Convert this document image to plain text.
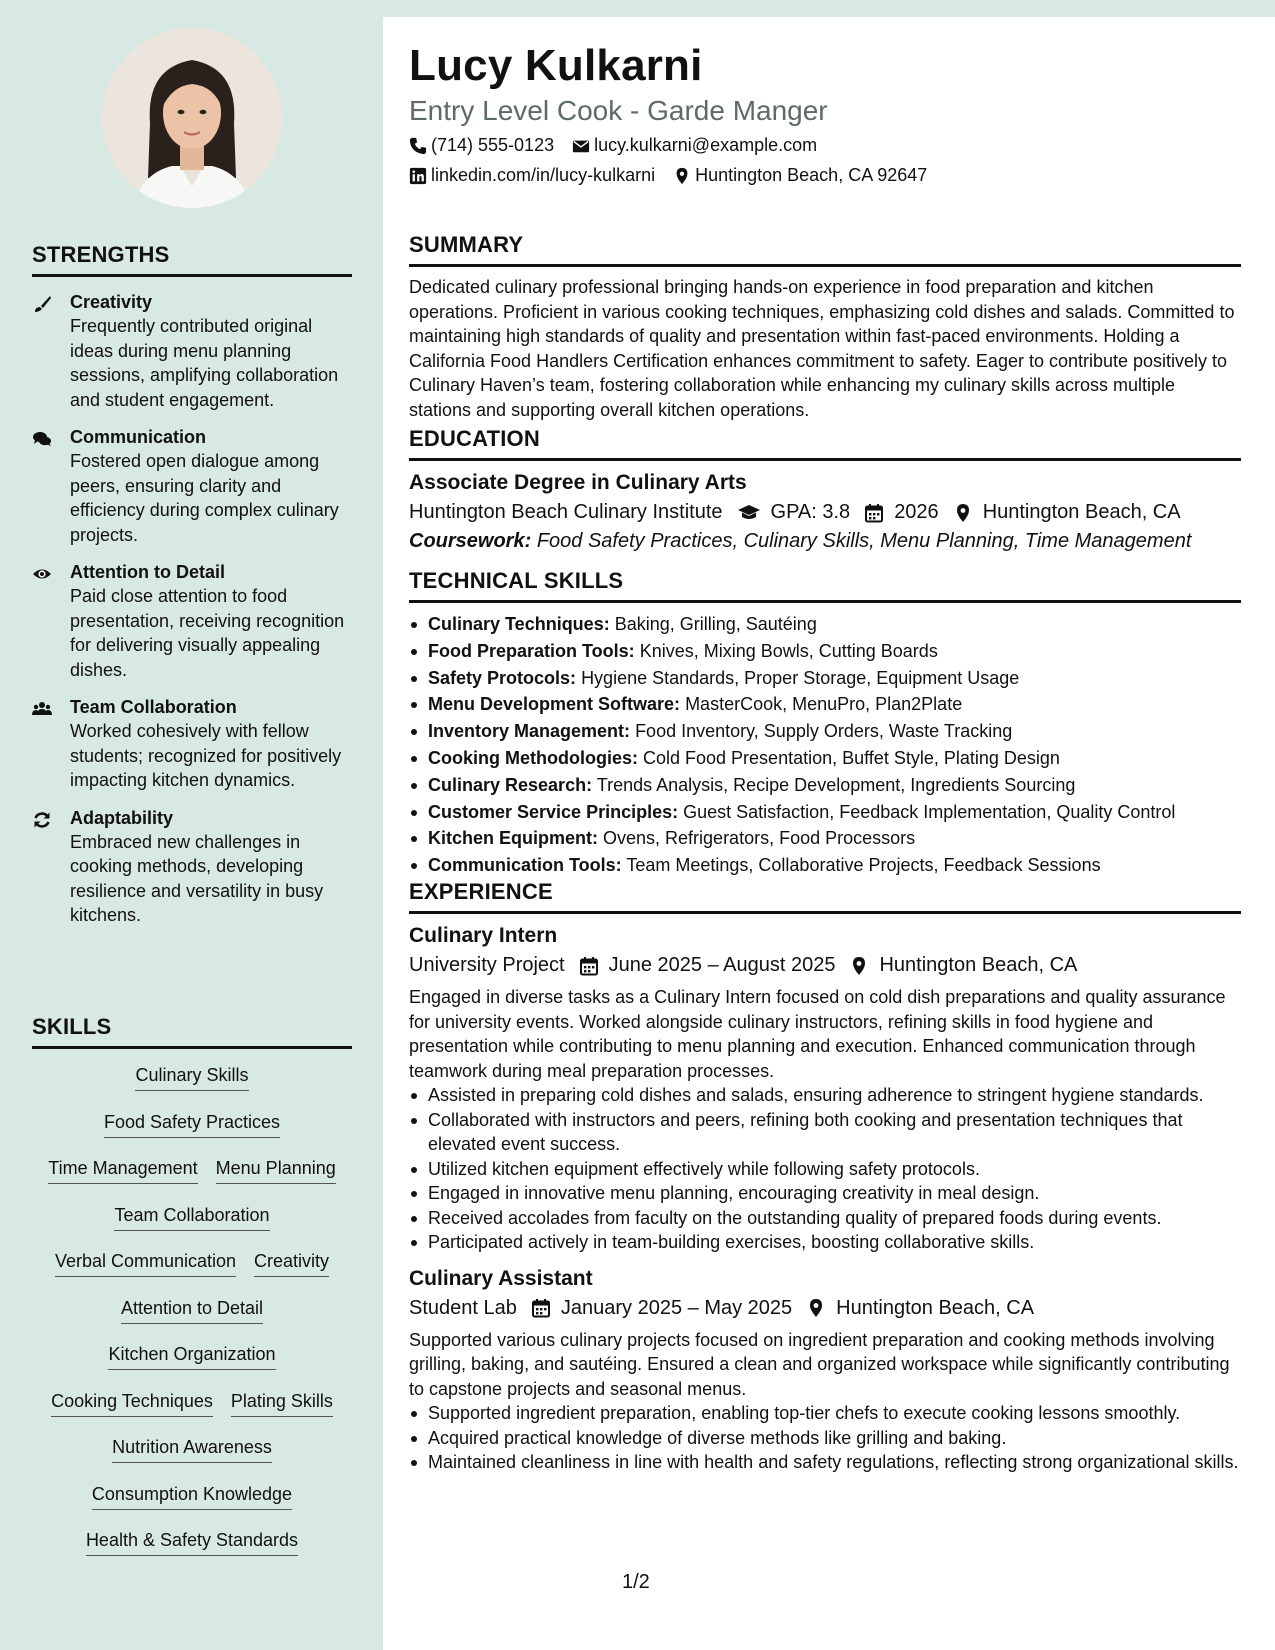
STRENGTHS
Creativity
Frequently contributed original ideas during menu planning sessions, amplifying collaboration and student engagement.
Communication
Fostered open dialogue among peers, ensuring clarity and efficiency during complex culinary projects.
Attention to Detail
Paid close attention to food presentation, receiving recognition for delivering visually appealing dishes.
Team Collaboration
Worked cohesively with fellow students; recognized for positively impacting kitchen dynamics.
Adaptability
Embraced new challenges in cooking methods, developing resilience and versatility in busy kitchens.
SKILLS
Culinary Skills
Food Safety Practices
Time Management Menu Planning
Team Collaboration
Verbal Communication Creativity
Attention to Detail
Kitchen Organization
Cooking Techniques Plating Skills
Nutrition Awareness
Consumption Knowledge
Health & Safety Standards
Lucy Kulkarni
Entry Level Cook - Garde Manger
(714) 555-0123 lucy.kulkarni@example.com
linkedin.com/in/lucy-kulkarni Huntington Beach, CA 92647
SUMMARY
Dedicated culinary professional bringing hands-on experience in food preparation and kitchen operations. Proficient in various cooking techniques, emphasizing cold dishes and salads. Committed to maintaining high standards of quality and presentation within fast-paced environments. Holding a California Food Handlers Certification enhances commitment to safety. Eager to contribute positively to Culinary Haven’s team, fostering collaboration while enhancing my culinary skills across multiple stations and supporting overall kitchen operations.
EDUCATION
Associate Degree in Culinary Arts
Huntington Beach Culinary Institute GPA: 3.8 2026 Huntington Beach, CA
Coursework: Food Safety Practices, Culinary Skills, Menu Planning, Time Management
TECHNICAL SKILLS
Culinary Techniques: Baking, Grilling, Sautéing
Food Preparation Tools: Knives, Mixing Bowls, Cutting Boards
Safety Protocols: Hygiene Standards, Proper Storage, Equipment Usage
Menu Development Software: MasterCook, MenuPro, Plan2Plate
Inventory Management: Food Inventory, Supply Orders, Waste Tracking
Cooking Methodologies: Cold Food Presentation, Buffet Style, Plating Design
Culinary Research: Trends Analysis, Recipe Development, Ingredients Sourcing
Customer Service Principles: Guest Satisfaction, Feedback Implementation, Quality Control
Kitchen Equipment: Ovens, Refrigerators, Food Processors
Communication Tools: Team Meetings, Collaborative Projects, Feedback Sessions
EXPERIENCE
Culinary Intern
University Project June 2025 – August 2025 Huntington Beach, CA
Engaged in diverse tasks as a Culinary Intern focused on cold dish preparations and quality assurance for university events. Worked alongside culinary instructors, refining skills in food hygiene and presentation while contributing to menu planning and execution. Enhanced communication through teamwork during meal preparation processes.
Assisted in preparing cold dishes and salads, ensuring adherence to stringent hygiene standards.
Collaborated with instructors and peers, refining both cooking and presentation techniques that elevated event success.
Utilized kitchen equipment effectively while following safety protocols.
Engaged in innovative menu planning, encouraging creativity in meal design.
Received accolades from faculty on the outstanding quality of prepared foods during events.
Participated actively in team-building exercises, boosting collaborative skills.
Culinary Assistant
Student Lab January 2025 – May 2025 Huntington Beach, CA
Supported various culinary projects focused on ingredient preparation and cooking methods involving grilling, baking, and sautéing. Ensured a clean and organized workspace while significantly contributing to capstone projects and seasonal menus.
Supported ingredient preparation, enabling top-tier chefs to execute cooking lessons smoothly.
Acquired practical knowledge of diverse methods like grilling and baking.
Maintained cleanliness in line with health and safety regulations, reflecting strong organizational skills.
1/2
